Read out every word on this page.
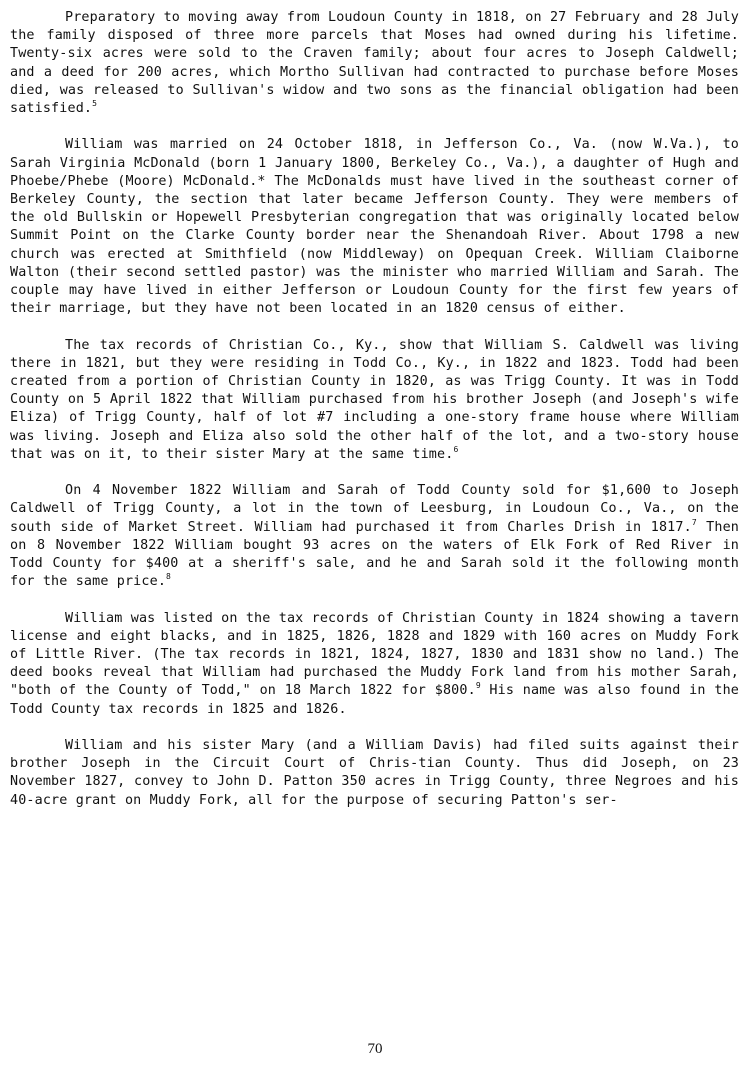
Preparatory to moving away from Loudoun County in 1818, on 27 February and 28 July the family disposed of three more parcels that Moses had owned during his lifetime. Twenty-six acres were sold to the Craven family; about four acres to Joseph Caldwell; and a deed for 200 acres, which Mortho Sullivan had contracted to purchase before Moses died, was released to Sullivan's widow and two sons as the financial obligation had been satisfied.$^5$

William was married on 24 October 1818, in Jefferson Co., Va. (now W.Va.), to Sarah Virginia McDonald (born 1 January 1800, Berkeley Co., Va.), a daughter of Hugh and Phoebe/Phebe (Moore) McDonald.* The McDonalds must have lived in the southeast corner of Berkeley County, the section that later became Jefferson County. They were members of the old Bullskin or Hopewell Presbyterian congregation that was originally located below Summit Point on the Clarke County border near the Shenandoah River. About 1798 a new church was erected at Smithfield (now Middleway) on Opequan Creek. William Claiborne Walton (their second settled pastor) was the minister who married William and Sarah. The couple may have lived in either Jefferson or Loudoun County for the first few years of their marriage, but they have not been located in an 1820 census of either.

The tax records of Christian Co., Ky., show that William S. Caldwell was living there in 1821, but they were residing in Todd Co., Ky., in 1822 and 1823. Todd had been created from a portion of Christian County in 1820, as was Trigg County. It was in Todd County on 5 April 1822 that William purchased from his brother Joseph (and Joseph's wife Eliza) of Trigg County, half of lot #7 including a one-story frame house where William was living. Joseph and Eliza also sold the other half of the lot, and a two-story house that was on it, to their sister Mary at the same time.$^6$

On 4 November 1822 William and Sarah of Todd County sold for $1,600 to Joseph Caldwell of Trigg County, a lot in the town of Leesburg, in Loudoun Co., Va., on the south side of Market Street. William had purchased it from Charles Drish in 1817.$^7$ Then on 8 November 1822 William bought 93 acres on the waters of Elk Fork of Red River in Todd County for $400 at a sheriff's sale, and he and Sarah sold it the following month for the same price.$^8$

William was listed on the tax records of Christian County in 1824 showing a tavern license and eight blacks, and in 1825, 1826, 1828 and 1829 with 160 acres on Muddy Fork of Little River. (The tax records in 1821, 1824, 1827, 1830 and 1831 show no land.) The deed books reveal that William had purchased the Muddy Fork land from his mother Sarah, "both of the County of Todd," on 18 March 1822 for $800.$^9$ His name was also found in the Todd County tax records in 1825 and 1826.

William and his sister Mary (and a William Davis) had filed suits against their brother Joseph in the Circuit Court of Chris-tian County. Thus did Joseph, on 23 November 1827, convey to John D. Patton 350 acres in Trigg County, three Negroes and his 40-acre grant on Muddy Fork, all for the purpose of securing Patton's ser-

70
